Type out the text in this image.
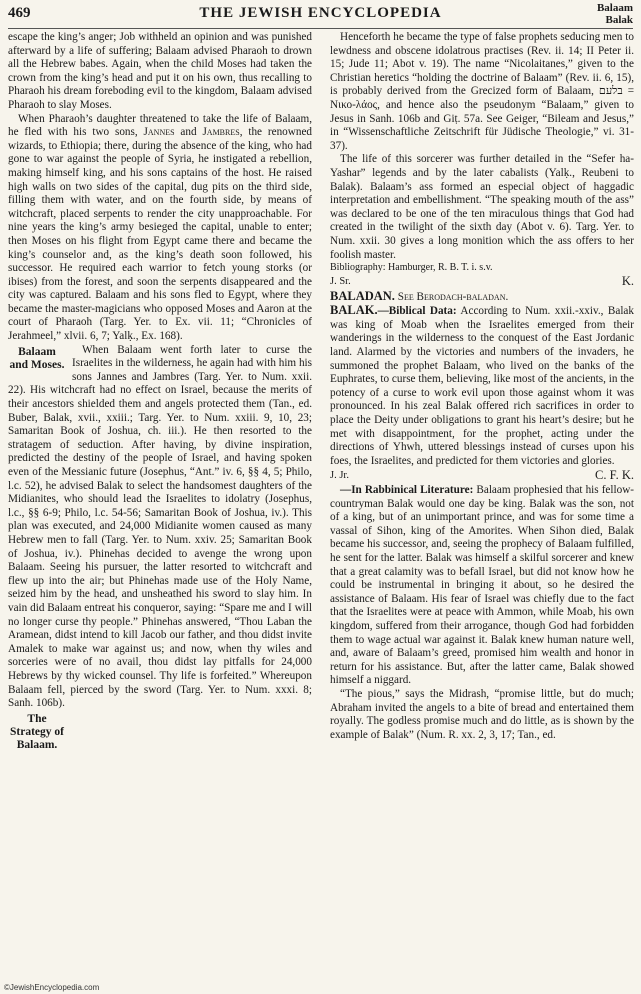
469	THE JEWISH ENCYCLOPEDIA	Balaam
Balak

escape the king’s anger; Job withheld an opinion and was punished afterward by a life of suffering; Balaam advised Pharaoh to drown all the Hebrew babes. Again, when the child Moses had taken the crown from the king’s head and put it on his own, thus recalling to Pharaoh his dream foreboding evil to the kingdom, Balaam advised Pharaoh to slay Moses.

When Pharaoh’s daughter threatened to take the life of Balaam, he fled with his two sons, Jannes and Jambres, the renowned wizards, to Ethiopia; there, during the absence of the king, who had gone to war against the people of Syria, he instigated a rebellion, making himself king, and his sons captains of the host. He raised high walls on two sides of the capital, dug pits on the third side, filling them with water, and on the fourth side, by means of witchcraft, placed serpents to render the city unapproachable. For nine years the king’s army besieged the capital, unable to enter; then Moses on his flight from Egypt came there and became the king’s counselor and, as the king’s death soon followed, his successor. He required each warrior to fetch young storks (or ibises) from the forest, and soon the serpents disappeared and the city was captured. Balaam and his sons fled to Egypt, where they became the master-magicians who opposed Moses and Aaron at the court of Pharaoh (Targ. Yer. to Ex. vii. 11; “Chronicles of Jerahmeel,” xlvii. 6, 7; Yalḳ., Ex. 168).

Balaam and Moses.

When Balaam went forth later to curse the Israelites in the wilderness, he again had with him his sons Jannes and Jambres (Targ. Yer. to Num. xxii. 22). His witchcraft had no effect on Israel, because the merits of their ancestors shielded them and angels protected them (Tan., ed. Buber, Balak, xvii., xxiii.; Targ. Yer. to Num. xxiii. 9, 10, 23; Samaritan Book of Joshua, ch. iii.). He then resorted to the stratagem of seduction. After having, by divine inspiration, predicted the destiny of the people of Israel, and having spoken even of the Messianic future (Josephus, “Ant.” iv. 6, §§ 4, 5; Philo, l.c. 52), he advised Balak to select the handsomest daughters of the Midianites, who should lead the Israelites to idolatry (Josephus, l.c., §§ 6-9; Philo, l.c. 54-56; Samaritan Book of Joshua, iv.). This plan was executed, and 24,000 Midianite women caused as many Hebrew men to fall (Targ. Yer. to Num. xxiv. 25; Samaritan Book of Joshua, iv.). Phinehas decided to avenge the wrong upon Balaam. Seeing his pursuer, the latter resorted to witchcraft and flew up into the air; but Phinehas made use of the Holy Name, seized him by the head, and unsheathed his sword to slay him. In vain did Balaam entreat his conqueror, saying: “Spare me and I will no longer curse thy people.” Phinehas answered, “Thou Laban the Aramean, didst intend to kill Jacob our father, and thou didst invite Amalek to make war against us; and now, when thy wiles and sorceries were of no avail, thou didst lay pitfalls for 24,000 Hebrews by thy wicked counsel. Thy life is forfeited.” Whereupon Balaam fell, pierced by the sword (Targ. Yer. to Num. xxxi. 8; Sanh. 106b).

The Strategy of Balaam.

Henceforth he became the type of false prophets seducing men to lewdness and obscene idolatrous practises (Rev. ii. 14; II Peter ii. 15; Jude 11; Abot v. 19). The name “Nicolaitanes,” given to the Christian heretics “holding the doctrine of Balaam” (Rev. ii. 6, 15), is probably derived from the Grecized form of Balaam, בלעם = Νικο-λάος, and hence also the pseudonym “Balaam,” given to Jesus in Sanh. 106b and Giṭ. 57a. See Geiger, “Bileam and Jesus,” in “Wissenschaftliche Zeitschrift für Jüdische Theologie,” vi. 31-37).

The life of this sorcerer was further detailed in the “Sefer ha-Yashar” legends and by the later cabalists (Yalḳ., Reubeni to Balak). Balaam’s ass formed an especial object of haggadic interpretation and embellishment. “The speaking mouth of the ass” was declared to be one of the ten miraculous things that God had created in the twilight of the sixth day (Abot v. 6). Targ. Yer. to Num. xxii. 30 gives a long monition which the ass offers to her foolish master.

Bibliography: Hamburger, R. B. T. i. s.v.

J. Sr.	K.

BALADAN. See Berodach-baladan.

BALAK.—Biblical Data: According to Num. xxii.-xxiv., Balak was king of Moab when the Israelites emerged from their wanderings in the wilderness to the conquest of the East Jordanic land. Alarmed by the victories and numbers of the invaders, he summoned the prophet Balaam, who lived on the banks of the Euphrates, to curse them, believing, like most of the ancients, in the potency of a curse to work evil upon those against whom it was pronounced. In his zeal Balak offered rich sacrifices in order to place the Deity under obligations to grant his heart’s desire; but he met with disappointment, for the prophet, acting under the directions of Yhwh, uttered blessings instead of curses upon his foes, the Israelites, and predicted for them victories and glories.

J. Jr.	C. F. K.

—In Rabbinical Literature: Balaam prophesied that his fellow-countryman Balak would one day be king. Balak was the son, not of a king, but of an unimportant prince, and was for some time a vassal of Sihon, king of the Amorites. When Sihon died, Balak became his successor, and, seeing the prophecy of Balaam fulfilled, he sent for the latter. Balak was himself a skilful sorcerer and knew that a great calamity was to befall Israel, but did not know how he could be instrumental in bringing it about, so he desired the assistance of Balaam. His fear of Israel was chiefly due to the fact that the Israelites were at peace with Ammon, while Moab, his own kingdom, suffered from their arrogance, though God had forbidden them to wage actual war against it. Balak knew human nature well, and, aware of Balaam’s greed, promised him wealth and honor in return for his assistance. But, after the latter came, Balak showed himself a niggard.

“The pious,” says the Midrash, “promise little, but do much; Abraham invited the angels to a bite of bread and entertained them royally. The godless promise much and do little, as is shown by the example of Balak” (Num. R. xx. 2, 3, 17; Tan., ed.

©JewishEncyclopedia.com
